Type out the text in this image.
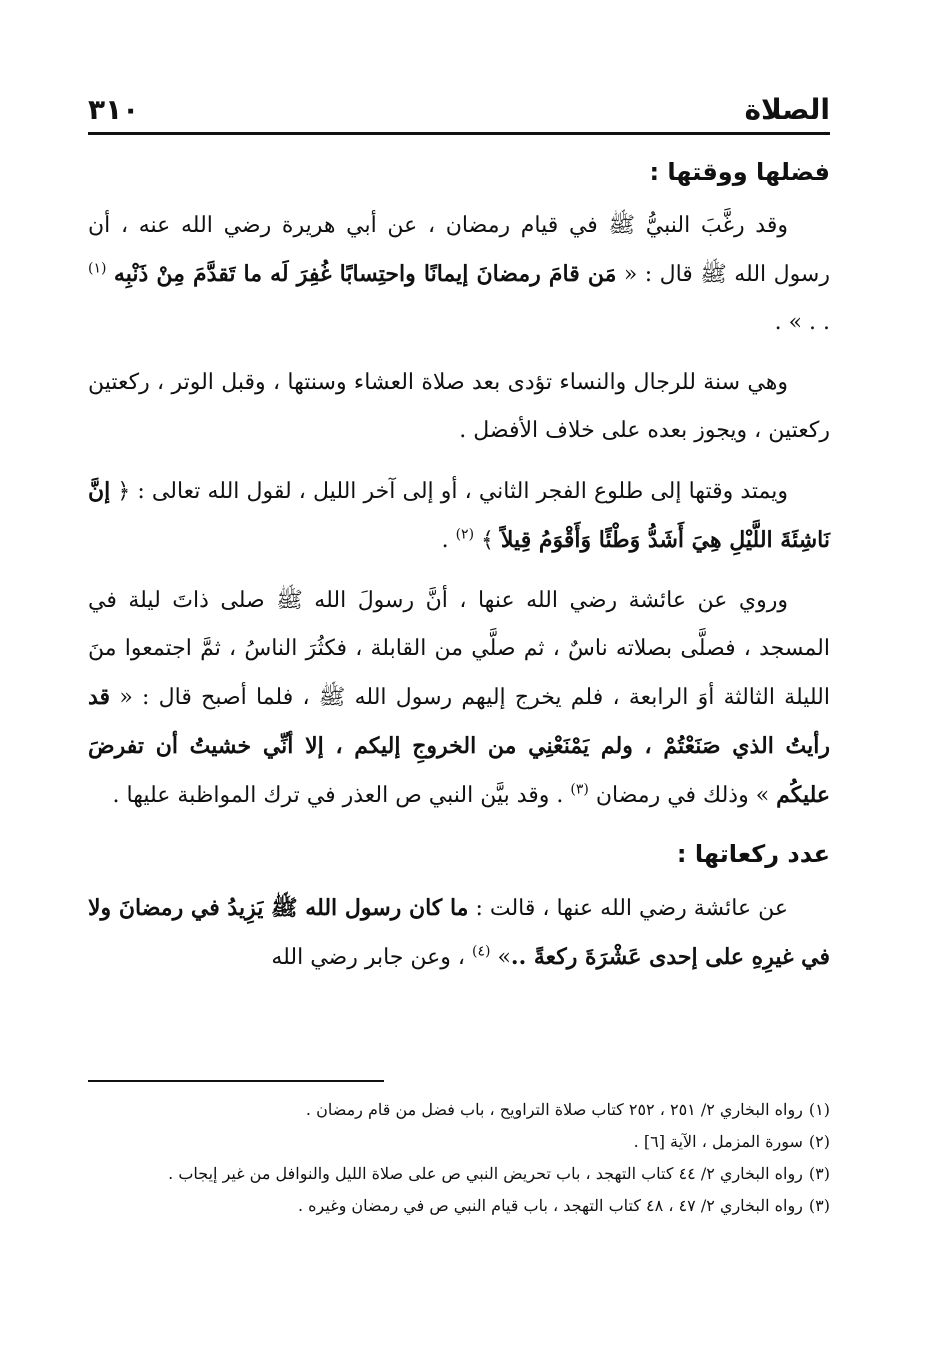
الصلاة
٣١٠
فضلها ووقتها :

وقد رغَّبَ النبيُّ ﷺ في قيام رمضان ، عن أبي هريرة رضي الله عنه ، أن رسول الله ﷺ قال : « مَن قامَ رمضانَ إيمانًا واحتِسابًا غُفِرَ لَه ما تَقدَّمَ مِنْ ذَنْبِه $^{(١)}$ . . » .

وهي سنة للرجال والنساء تؤدى بعد صلاة العشاء وسنتها ، وقبل الوتر ، ركعتين ركعتين ، ويجوز بعده على خلاف الأفضل .

ويمتد وقتها إلى طلوع الفجر الثاني ، أو إلى آخر الليل ، لقول الله تعالى : ﴿ إنَّ نَاشِئَةَ اللَّيْلِ هِيَ أَشَدُّ وَطْئًا وَأَقْوَمُ قِيلاً ﴾ $^{(٢)}$ .

وروي عن عائشة رضي الله عنها ، أنَّ رسولَ الله ﷺ صلى ذاتَ ليلة في المسجد ، فصلَّى بصلاته ناسٌ ، ثم صلَّي من القابلة ، فكثُرَ الناسُ ، ثمَّ اجتمعوا منَ الليلة الثالثة أوَ الرابعة ، فلم يخرج إليهم رسول الله ﷺ ، فلما أصبح قال : « قد رأيتُ الذي صَنَعْتُمْ ، ولم يَمْنَعْنِي من الخروجِ إليكم ، إلا أنِّي خشيتُ أن تفرضَ عليكُم » وذلك في رمضان $^{(٣)}$ . وقد بيَّن النبي ص العذر في ترك المواظبة عليها .

عدد ركعاتها :

عن عائشة رضي الله عنها ، قالت : ما كان رسول الله ﷺ يَزِيدُ في رمضانَ ولا في غيرِهِ على إحدى عَشْرَةَ ركعةً ..» $^{(٤)}$ ، وعن جابر رضي الله

(١)رواه البخاري ٢/ ٢٥١ ، ٢٥٢ كتاب صلاة التراويح ، باب فضل من قام رمضان .

(٢)سورة المزمل ، الآية [٦] .

(٣)رواه البخاري ٢/ ٤٤ كتاب التهجد ، باب تحريض النبي ص على صلاة الليل والنوافل من غير إيجاب .

(٣)رواه البخاري ٢/ ٤٧ ، ٤٨ كتاب التهجد ، باب قيام النبي ص في رمضان وغيره .
